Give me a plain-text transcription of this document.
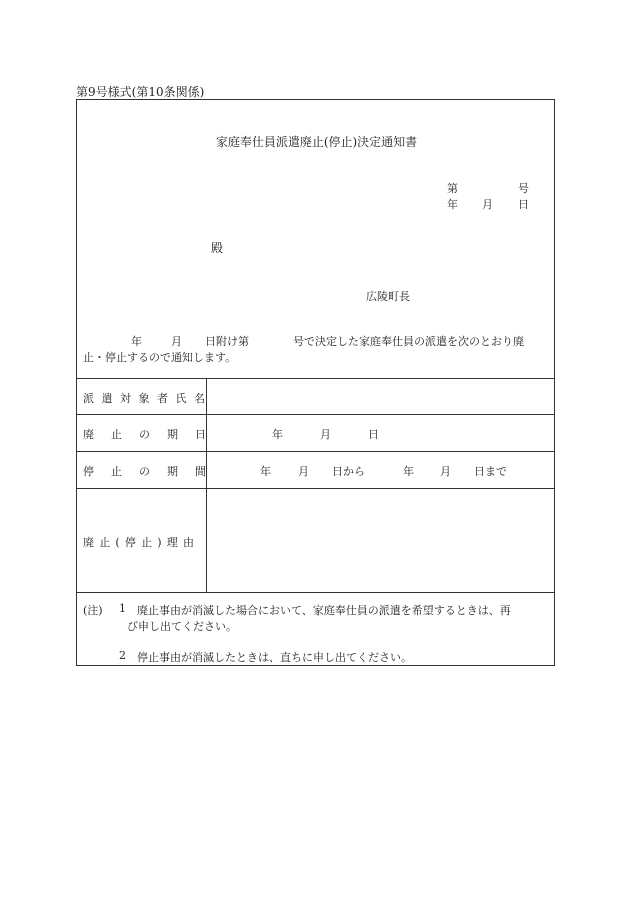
第9号様式(第10条関係)
家庭奉仕員派遣廃止(停止)決定通知書
第	号
年 月 日
殿
広陵町長
年	月 日附け第	号で決定した家庭奉仕員の派遣を次のとおり廃
止・停止するので通知します。
派遣対象者氏名
廃止の期日	年	月	日
停止の期間	年 月 日から	年 月 日まで
廃止(停止)理由
(注) 1 廃止事由が消滅した場合において、家庭奉仕員の派遣を希望するときは、再
び申し出てください。
2 停止事由が消滅したときは、直ちに申し出てください。
